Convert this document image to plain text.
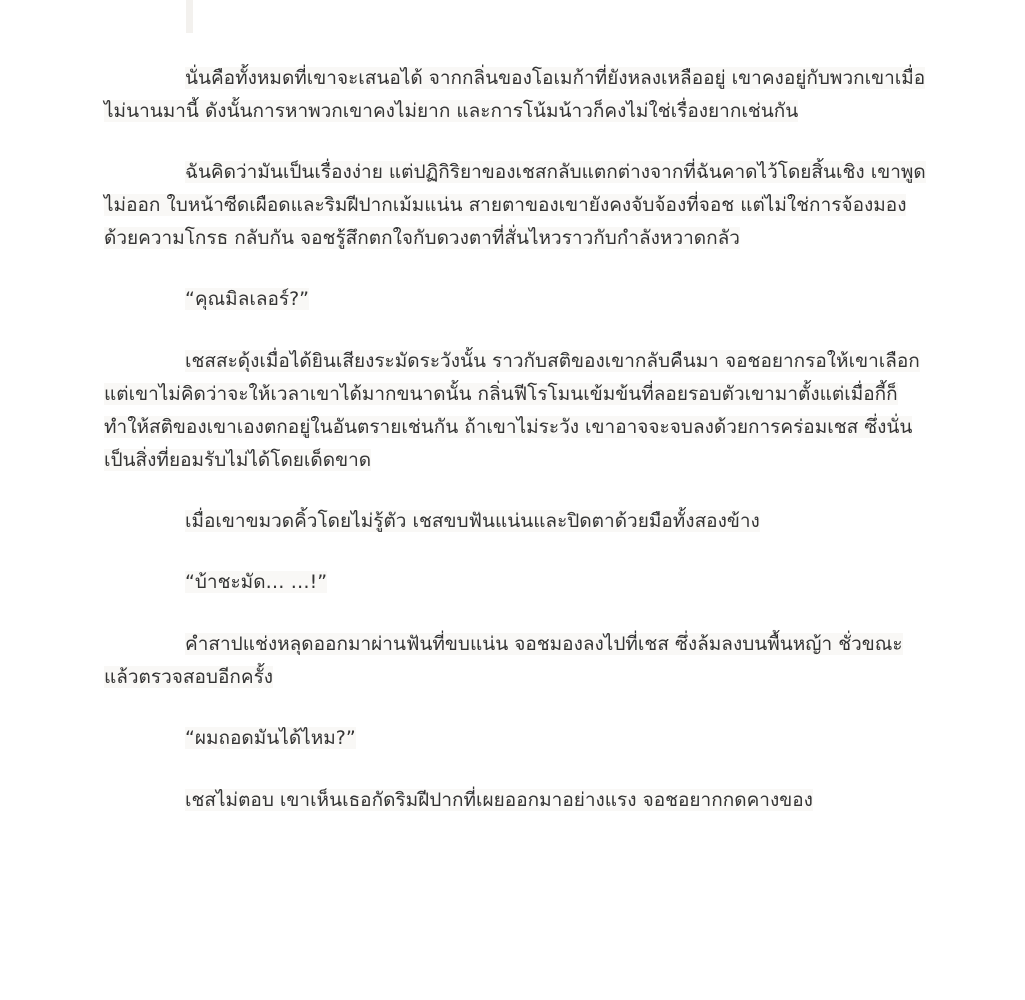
นั่นคือทั้งหมดที่เขาจะเสนอได้ จากกลิ่นของโอเมก้าที่ยังหลงเหลืออยู่ เขาคงอยู่กับพวกเขาเมื่อไม่นานมานี้ ดังนั้นการหาพวกเขาคงไม่ยาก และการโน้มน้าวก็คงไม่ใช่เรื่องยากเช่นกัน

ฉันคิดว่ามันเป็นเรื่องง่าย แต่ปฏิกิริยาของเชสกลับแตกต่างจากที่ฉันคาดไว้โดยสิ้นเชิง เขาพูดไม่ออก ใบหน้าซีดเผือดและริมฝีปากเม้มแน่น สายตาของเขายังคงจับจ้องที่จอช แต่ไม่ใช่การจ้องมองด้วยความโกรธ กลับกัน จอชรู้สึกตกใจกับดวงตาที่สั่นไหวราวกับกำลังหวาดกลัว

“คุณมิลเลอร์?”

เชสสะดุ้งเมื่อได้ยินเสียงระมัดระวังนั้น ราวกับสติของเขากลับคืนมา จอชอยากรอให้เขาเลือก แต่เขาไม่คิดว่าจะให้เวลาเขาได้มากขนาดนั้น กลิ่นฟีโรโมนเข้มข้นที่ลอยรอบตัวเขามาตั้งแต่เมื่อกี้ก็ทำให้สติของเขาเองตกอยู่ในอันตรายเช่นกัน ถ้าเขาไม่ระวัง เขาอาจจะจบลงด้วยการคร่อมเชส ซึ่งนั่นเป็นสิ่งที่ยอมรับไม่ได้โดยเด็ดขาด

เมื่อเขาขมวดคิ้วโดยไม่รู้ตัว เชสขบฟันแน่นและปิดตาด้วยมือทั้งสองข้าง

“บ้าชะมัด… …!”

คำสาปแช่งหลุดออกมาผ่านฟันที่ขบแน่น จอชมองลงไปที่เชส ซึ่งล้มลงบนพื้นหญ้า ชั่วขณะ แล้วตรวจสอบอีกครั้ง

“ผมถอดมันได้ไหม?”

เชสไม่ตอบ เขาเห็นเธอกัดริมฝีปากที่เผยออกมาอย่างแรง จอชอยากกดคางของ
